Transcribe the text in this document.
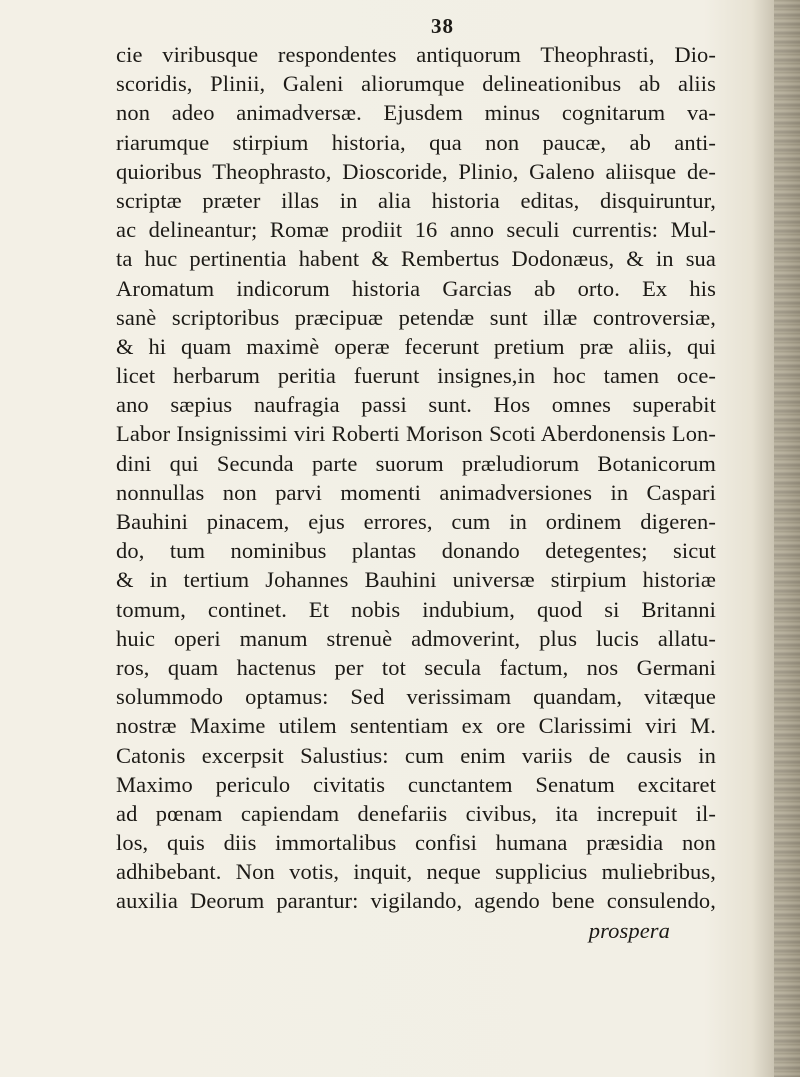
38
cie viribusque respondentes antiquorum Theophrasti, Dio-
scoridis, Plinii, Galeni aliorumque delineationibus ab aliis
non adeo animadversæ. Ejusdem minus cognitarum va-
riarumque stirpium historia, qua non paucæ, ab anti-
quioribus Theophrasto, Dioscoride, Plinio, Galeno aliisque de-
scriptæ præter illas in alia historia editas, disquiruntur,
ac delineantur; Romæ prodiit 16 anno seculi currentis: Mul-
ta huc pertinentia habent & Rembertus Dodonæus, & in sua
Aromatum indicorum historia Garcias ab orto. Ex his
sanè scriptoribus præcipuæ petendæ sunt illæ controversiæ,
& hi quam maximè operæ fecerunt pretium præ aliis, qui
licet herbarum peritia fuerunt insignes,in hoc tamen oce-
ano sæpius naufragia passi sunt. Hos omnes superabit
Labor Insignissimi viri Roberti Morison Scoti Aberdonensis Lon-
dini qui Secunda parte suorum præludiorum Botanicorum
nonnullas non parvi momenti animadversiones in Caspari
Bauhini pinacem, ejus errores, cum in ordinem digeren-
do, tum nominibus plantas donando detegentes; sicut
& in tertium Johannes Bauhini universæ stirpium historiæ
tomum, continet. Et nobis indubium, quod si Britanni
huic operi manum strenuè admoverint, plus lucis allatu-
ros, quam hactenus per tot secula factum, nos Germani
solummodo optamus: Sed verissimam quandam, vitæque
nostræ Maxime utilem sententiam ex ore Clarissimi viri M.
Catonis excerpsit Salustius: cum enim variis de causis in
Maximo periculo civitatis cunctantem Senatum excitaret
ad pœnam capiendam denefariis civibus, ita increpuit il-
los, quis diis immortalibus confisi humana præsidia non
adhibebant. Non votis, inquit, neque supplicius muliebribus,
auxilia Deorum parantur: vigilando, agendo bene consulendo,
prospera
